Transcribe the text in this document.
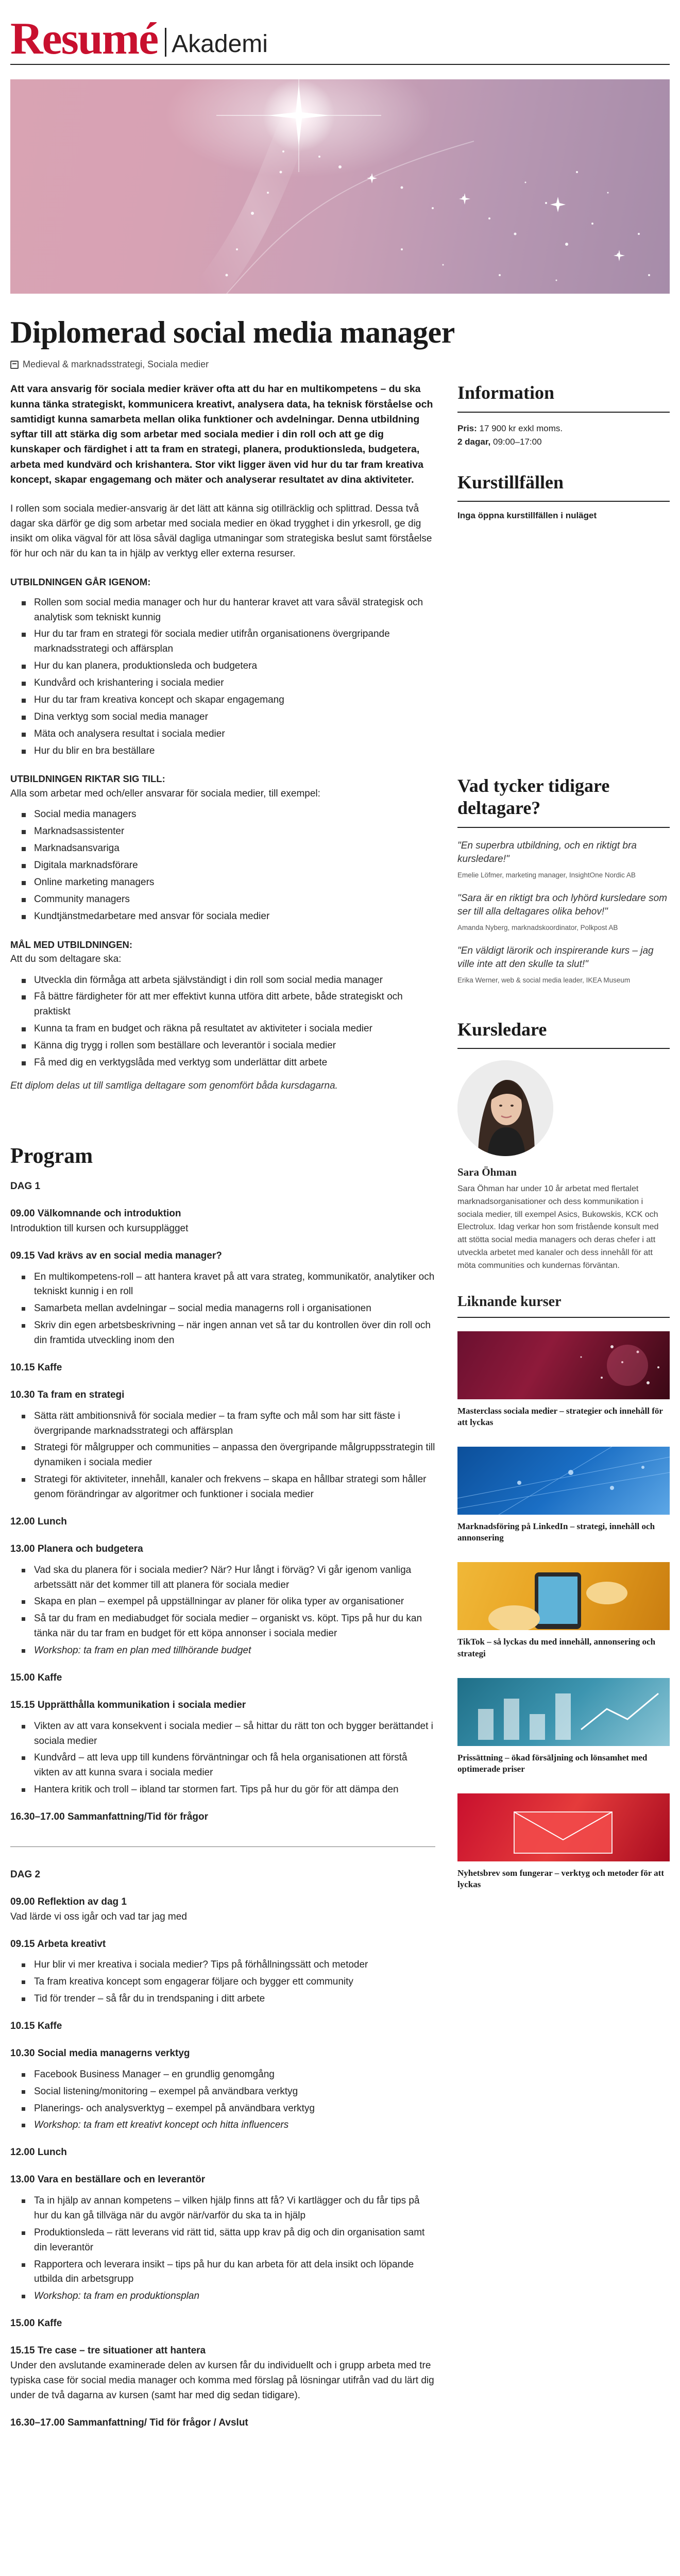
Resumé Akademi
Diplomerad social media manager
Medieval & marknadsstrategi, Sociala medier

Att vara ansvarig för sociala medier kräver ofta att du har en multikompetens – du ska kunna tänka strategiskt, kommunicera kreativt, analysera data, ha teknisk förståelse och samtidigt kunna samarbeta mellan olika funktioner och avdelningar. Denna utbildning syftar till att stärka dig som arbetar med sociala medier i din roll och att ge dig kunskaper och färdighet i att ta fram en strategi, planera, produktionsleda, budgetera, arbeta med kundvärd och krishantera. Stor vikt ligger även vid hur du tar fram kreativa koncept, skapar engagemang och mäter och analyserar resultatet av dina aktiviteter.

I rollen som sociala medier-ansvarig är det lätt att känna sig otillräcklig och splittrad. Dessa två dagar ska därför ge dig som arbetar med sociala medier en ökad trygghet i din yrkesroll, ge dig insikt om olika vägval för att lösa såväl dagliga utmaningar som strategiska beslut samt förståelse för hur och när du kan ta in hjälp av verktyg eller externa resurser.

UTBILDNINGEN GÅR IGENOM:
Rollen som social media manager och hur du hanterar kravet att vara såväl strategisk och analytisk som tekniskt kunnig
Hur du tar fram en strategi för sociala medier utifrån organisationens övergripande marknadsstrategi och affärsplan
Hur du kan planera, produktionsleda och budgetera
Kundvård och krishantering i sociala medier
Hur du tar fram kreativa koncept och skapar engagemang
Dina verktyg som social media manager
Mäta och analysera resultat i sociala medier
Hur du blir en bra beställare
UTBILDNINGEN RIKTAR SIG TILL:

Alla som arbetar med och/eller ansvarar för sociala medier, till exempel:

Social media managers
Marknadsassistenter
Marknadsansvariga
Digitala marknadsförare
Online marketing managers
Community managers
Kundtjänstmedarbetare med ansvar för sociala medier
MÅL MED UTBILDNINGEN:

Att du som deltagare ska:

Utveckla din förmåga att arbeta självständigt i din roll som social media manager
Få bättre färdigheter för att mer effektivt kunna utföra ditt arbete, både strategiskt och praktiskt
Kunna ta fram en budget och räkna på resultatet av aktiviteter i sociala medier
Känna dig trygg i rollen som beställare och leverantör i sociala medier
Få med dig en verktygslåda med verktyg som underlättar ditt arbete

Ett diplom delas ut till samtliga deltagare som genomfört båda kursdagarna.

Program
DAG 1
09.00 Välkomnande och introduktion
Introduktion till kursen och kursupplägget
09.15 Vad krävs av en social media manager?
En multikompetens-roll – att hantera kravet på att vara strateg, kommunikatör, analytiker och tekniskt kunnig i en roll
Samarbeta mellan avdelningar – social media managerns roll i organisationen
Skriv din egen arbetsbeskrivning – när ingen annan vet så tar du kontrollen över din roll och din framtida utveckling inom den
10.15 Kaffe
10.30 Ta fram en strategi
Sätta rätt ambitionsnivå för sociala medier – ta fram syfte och mål som har sitt fäste i övergripande marknadsstrategi och affärsplan
Strategi för målgrupper och communities – anpassa den övergripande målgruppsstrategin till dynamiken i sociala medier
Strategi för aktiviteter, innehåll, kanaler och frekvens – skapa en hållbar strategi som håller genom förändringar av algoritmer och funktioner i sociala medier
12.00 Lunch
13.00 Planera och budgetera
Vad ska du planera för i sociala medier? När? Hur långt i förväg? Vi går igenom vanliga arbetssätt när det kommer till att planera för sociala medier
Skapa en plan – exempel på uppställningar av planer för olika typer av organisationer
Så tar du fram en mediabudget för sociala medier – organiskt vs. köpt. Tips på hur du kan tänka när du tar fram en budget för ett köpa annonser i sociala medier
Workshop: ta fram en plan med tillhörande budget
15.00 Kaffe
15.15 Upprätthålla kommunikation i sociala medier
Vikten av att vara konsekvent i sociala medier – så hittar du rätt ton och bygger berättandet i sociala medier
Kundvård – att leva upp till kundens förväntningar och få hela organisationen att förstå vikten av att kunna svara i sociala medier
Hantera kritik och troll – ibland tar stormen fart. Tips på hur du gör för att dämpa den
16.30–17.00 Sammanfattning/Tid för frågor
DAG 2
09.00 Reflektion av dag 1
Vad lärde vi oss igår och vad tar jag med
09.15 Arbeta kreativt
Hur blir vi mer kreativa i sociala medier? Tips på förhållningssätt och metoder
Ta fram kreativa koncept som engagerar följare och bygger ett community
Tid för trender – så får du in trendspaning i ditt arbete
10.15 Kaffe
10.30 Social media managerns verktyg
Facebook Business Manager – en grundlig genomgång
Social listening/monitoring – exempel på användbara verktyg
Planerings- och analysverktyg – exempel på användbara verktyg
Workshop: ta fram ett kreativt koncept och hitta influencers
12.00 Lunch
13.00 Vara en beställare och en leverantör
Ta in hjälp av annan kompetens – vilken hjälp finns att få? Vi kartlägger och du får tips på hur du kan gå tillväga när du avgör när/varför du ska ta in hjälp
Produktionsleda – rätt leverans vid rätt tid, sätta upp krav på dig och din organisation samt din leverantör
Rapportera och leverara insikt – tips på hur du kan arbeta för att dela insikt och löpande utbilda din arbetsgrupp
Workshop: ta fram en produktionsplan
15.00 Kaffe
15.15 Tre case – tre situationer att hantera
Under den avslutande examinerade delen av kursen får du individuellt och i grupp arbeta med tre typiska case för social media manager och komma med förslag på lösningar utifrån vad du lärt dig under de två dagarna av kursen (samt har med dig sedan tidigare).
16.30–17.00 Sammanfattning/ Tid för frågor / Avslut
Information
Pris: 17 900 kr exkl moms.
2 dagar, 09:00–17:00
Kurstillfällen
Inga öppna kurstillfällen i nuläget
Vad tycker tidigare deltagare?
"En superbra utbildning, och en riktigt bra kursledare!"
Emelie Löfmer, marketing manager, InsightOne Nordic AB
"Sara är en riktigt bra och lyhörd kursledare som ser till alla deltagares olika behov!"
Amanda Nyberg, marknadskoordinator, Polkpost AB
"En väldigt lärorik och inspirerande kurs – jag ville inte att den skulle ta slut!"
Erika Werner, web & social media leader, IKEA Museum
Kursledare
Sara Öhman

Sara Öhman har under 10 år arbetat med flertalet marknadsorganisationer och dess kommunikation i sociala medier, till exempel Asics, Bukowskis, KCK och Electrolux. Idag verkar hon som fristående konsult med att stötta social media managers och deras chefer i att utveckla arbetet med kanaler och dess innehåll för att möta communities och kundernas förväntan.

Liknande kurser
Masterclass sociala medier – strategier och innehåll för att lyckas
Marknadsföring på LinkedIn – strategi, innehåll och annonsering
TikTok – så lyckas du med innehåll, annonsering och strategi
Prissättning – ökad försäljning och lönsamhet med optimerade priser
Nyhetsbrev som fungerar – verktyg och metoder för att lyckas
